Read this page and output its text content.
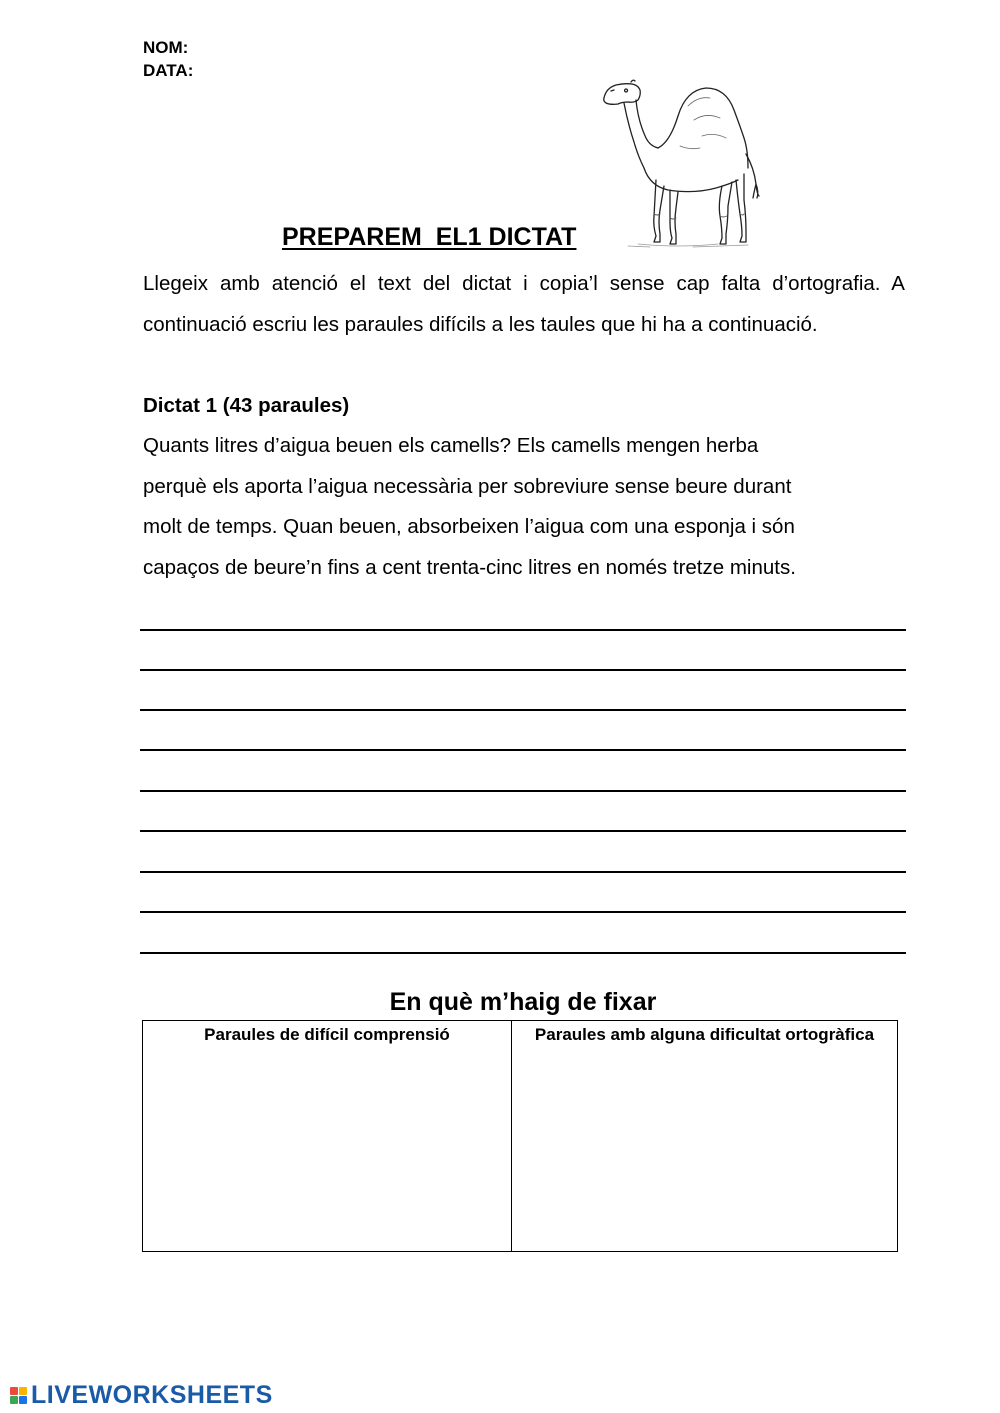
NOM:
DATA:
PREPAREM  EL1 DICTAT
Llegeix amb atenció el text del dictat i copia’l sense cap falta d’ortografia. A continuació escriu les paraules difícils a les taules que hi ha a continuació.
Dictat 1 (43 paraules)
Quants litres d’aigua beuen els camells? Els camells mengen herba
perquè els aporta l’aigua necessària per sobreviure sense beure durant
molt de temps. Quan beuen, absorbeixen l’aigua com una esponja i són
capaços de beure’n fins a cent trenta-cinc litres en només tretze minuts.
En què m’haig de fixar
Paraules de difícil comprensió	Paraules amb alguna dificultat ortogràfica
LIVEWORKSHEETS
